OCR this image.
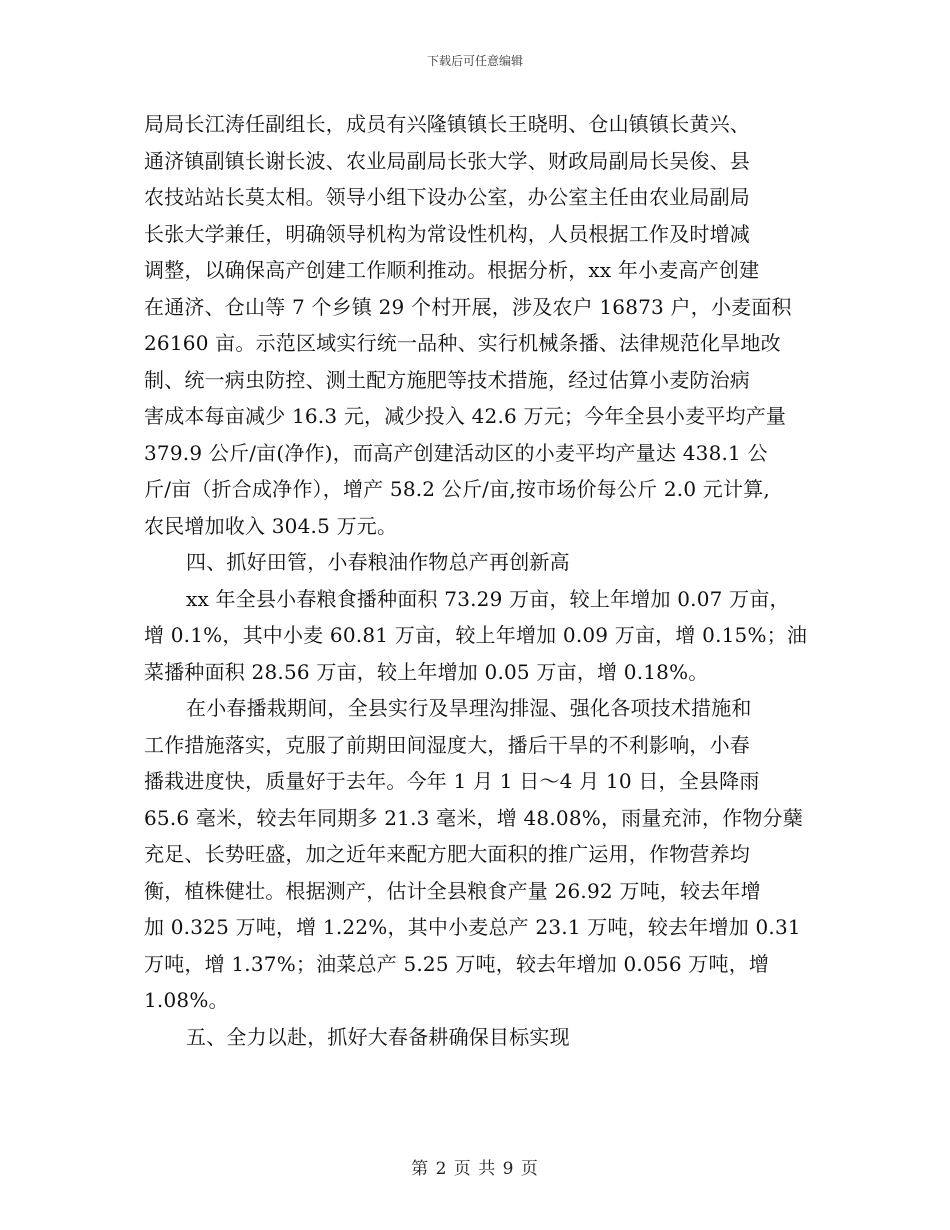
下载后可任意编辑
局局长江涛任副组长，成员有兴隆镇镇长王晓明、仓山镇镇长黄兴、
通济镇副镇长谢长波、农业局副局长张大学、财政局副局长吴俊、县
农技站站长莫太相。领导小组下设办公室，办公室主任由农业局副局
长张大学兼任，明确领导机构为常设性机构，人员根据工作及时增减
调整，以确保高产创建工作顺利推动。根据分析，xx 年小麦高产创建
在通济、仓山等 7 个乡镇 29 个村开展，涉及农户 16873 户，小麦面积
26160 亩。示范区域实行统一品种、实行机械条播、法律规范化旱地改
制、统一病虫防控、测土配方施肥等技术措施，经过估算小麦防治病
害成本每亩减少 16.3 元，减少投入 42.6 万元；今年全县小麦平均产量
379.9 公斤/亩(净作)，而高产创建活动区的小麦平均产量达 438.1 公
斤/亩（折合成净作），增产 58.2 公斤/亩,按市场价每公斤 2.0 元计算,
农民增加收入 304.5 万元。
四、抓好田管，小春粮油作物总产再创新高
xx 年全县小春粮食播种面积 73.29 万亩，较上年增加 0.07 万亩，
增 0.1%，其中小麦 60.81 万亩，较上年增加 0.09 万亩，增 0.15%；油
菜播种面积 28.56 万亩，较上年增加 0.05 万亩，增 0.18%。
在小春播栽期间，全县实行及旱理沟排湿、强化各项技术措施和
工作措施落实，克服了前期田间湿度大，播后干旱的不利影响，小春
播栽进度快，质量好于去年。今年 1 月 1 日～4 月 10 日，全县降雨
65.6 毫米，较去年同期多 21.3 毫米，增 48.08%，雨量充沛，作物分蘖
充足、长势旺盛，加之近年来配方肥大面积的推广运用，作物营养均
衡，植株健壮。根据测产，估计全县粮食产量 26.92 万吨，较去年增
加 0.325 万吨，增 1.22%，其中小麦总产 23.1 万吨，较去年增加 0.31
万吨，增 1.37%；油菜总产 5.25 万吨，较去年增加 0.056 万吨，增
1.08%。
五、全力以赴，抓好大春备耕确保目标实现
第 2 页 共 9 页
